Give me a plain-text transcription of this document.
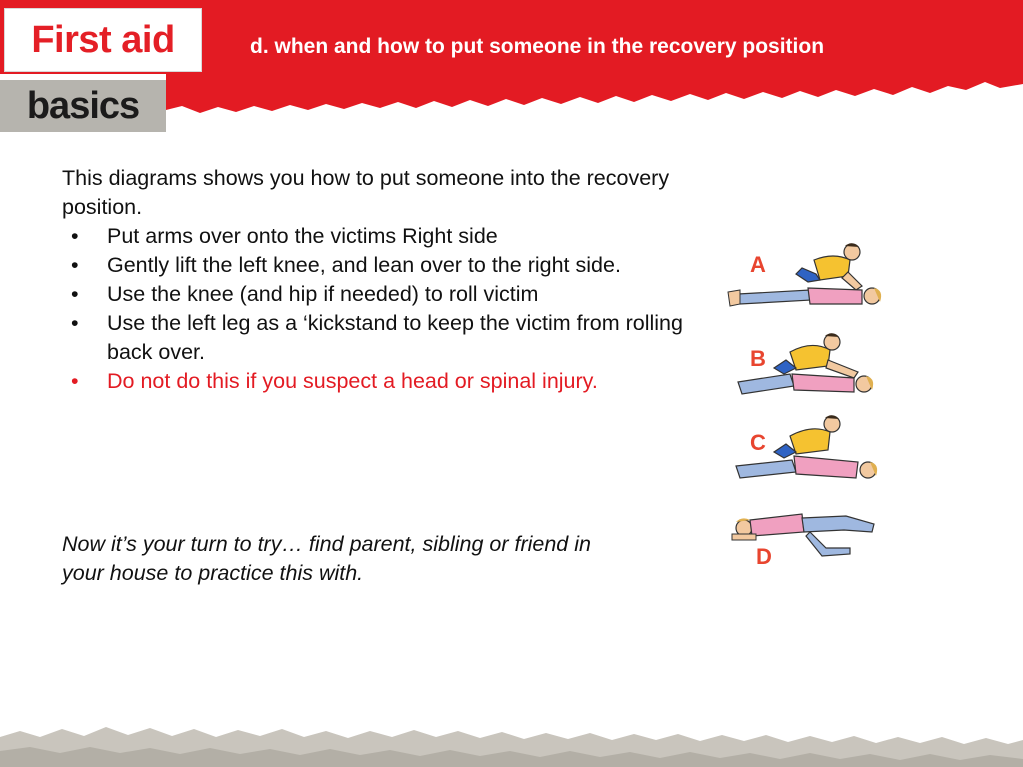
First aid
basics
d. when and how to put someone in the recovery position

This diagrams shows you how to put someone into the recovery position.

• Put arms over onto the victims Right side
• Gently lift the left knee, and lean over to the right side.
• Use the knee (and hip if needed) to roll victim
• Use the left leg as a ‘kickstand to keep the victim from rolling back over.
• Do not do this if you suspect a head or spinal injury.
Now it’s your turn to try… find parent, sibling or friend in your house to practice this with.
A
B
C
D
